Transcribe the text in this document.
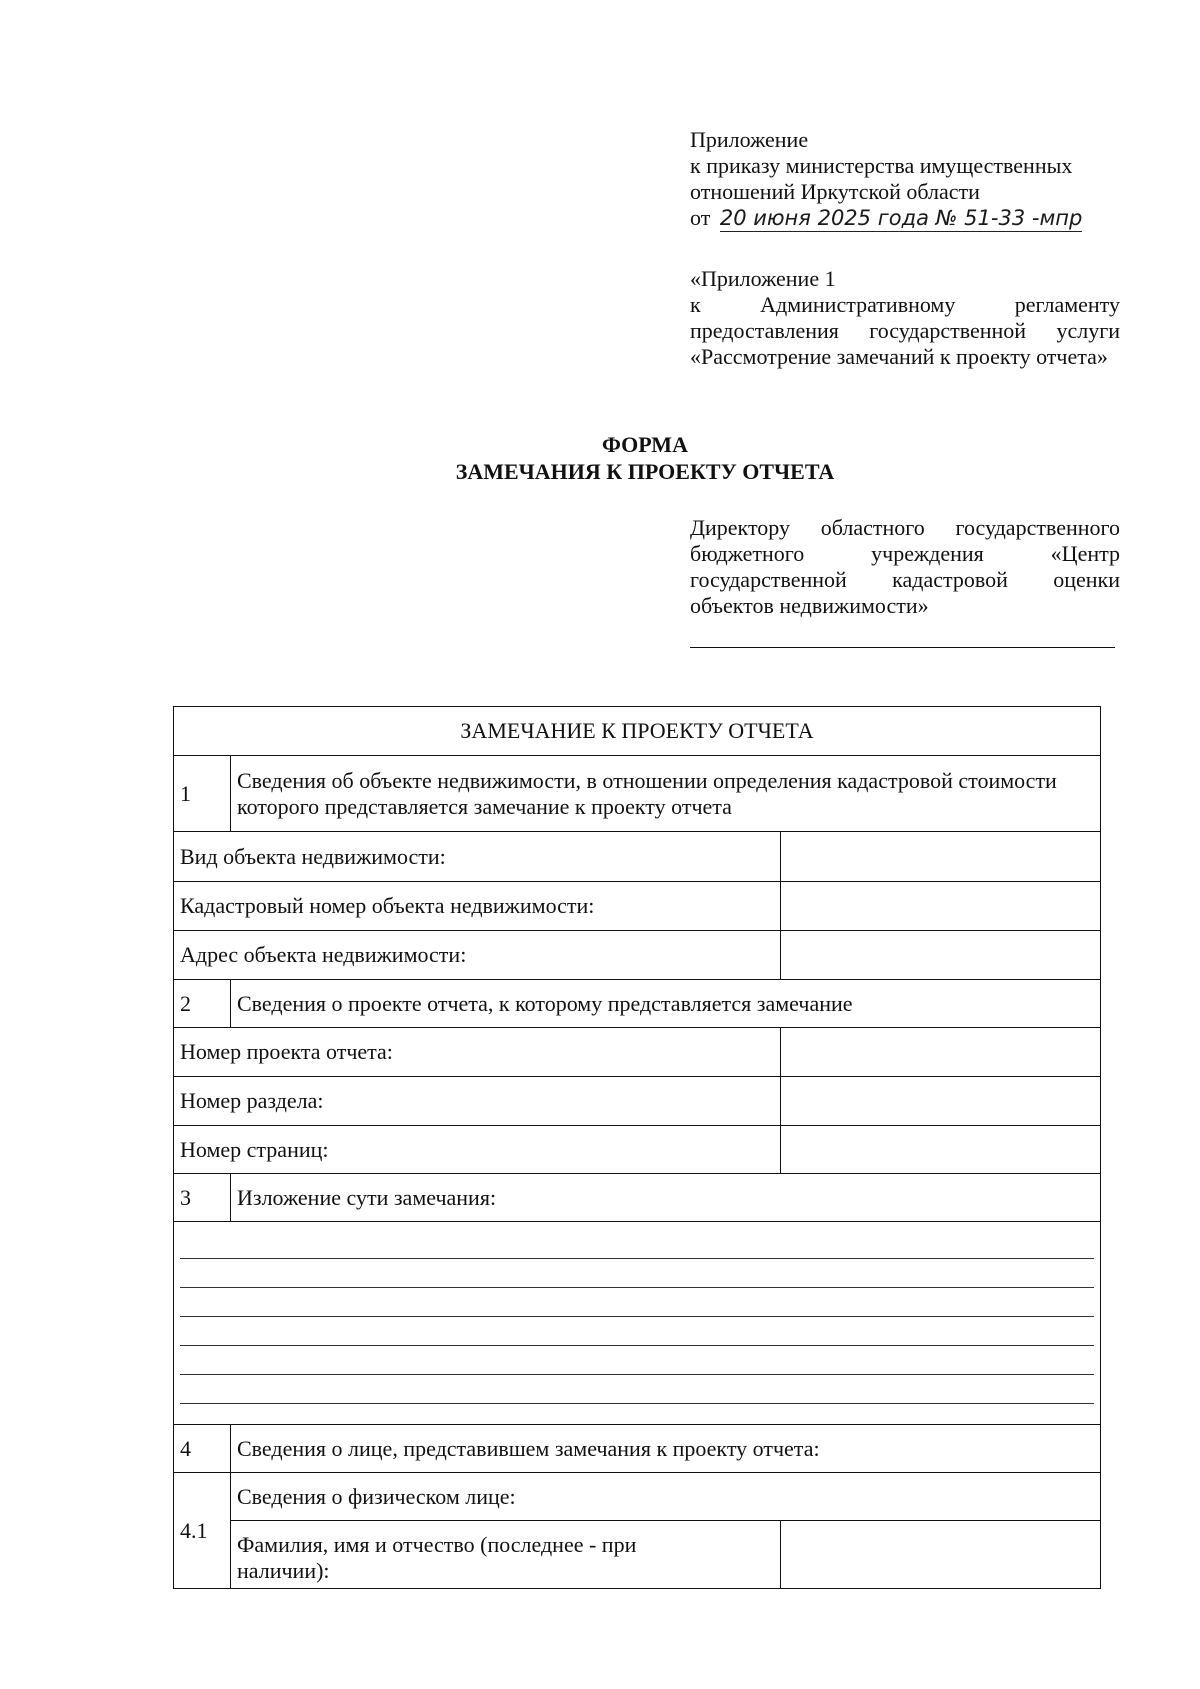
Приложение
к приказу министерства имущественных
отношений Иркутской области
от 20 июня 2025 года № 51-33 -мпр
«Приложение 1
к Административному регламенту предоставления государственной услуги «Рассмотрение замечаний к проекту отчета»
ФОРМА
ЗАМЕЧАНИЯ К ПРОЕКТУ ОТЧЕТА
Директору областного государственного бюджетного учреждения «Центр государственной кадастровой оценки объектов недвижимости»
ЗАМЕЧАНИЕ К ПРОЕКТУ ОТЧЕТА		
1	Сведения об объекте недвижимости, в отношении определения кадастровой стоимости которого представляется замечание к проекту отчета	
Вид объекта недвижимости:		
Кадастровый номер объекта недвижимости:		
Адрес объекта недвижимости:		
2	Сведения о проекте отчета, к которому представляется замечание	
Номер проекта отчета:		
Номер раздела:		
Номер страниц:		
3	Изложение сути замечания:	

4	Сведения о лице, представившем замечания к проекту отчета:	
4.1	Сведения о физическом лице:	
	Фамилия, имя и отчество (последнее - при наличии):	
